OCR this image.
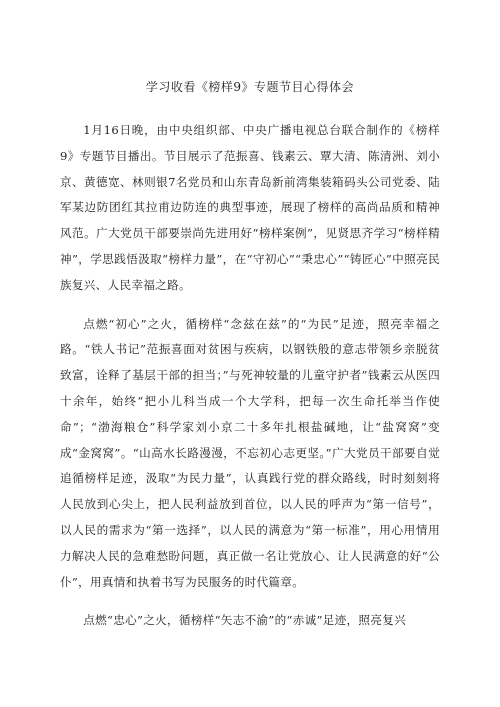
学习收看《榜样9》专题节目心得体会

1月16日晚，由中央组织部、中央广播电视总台联合制作的《榜样9》专题节目播出。节目展示了范振喜、钱素云、覃大清、陈清洲、刘小京、黄德宽、林则银7名党员和山东青岛新前湾集装箱码头公司党委、陆军某边防团红其拉甫边防连的典型事迹，展现了榜样的高尚品质和精神风范。广大党员干部要崇尚先进用好“榜样案例”，见贤思齐学习“榜样精神”，学思践悟汲取“榜样力量”，在“守初心”“秉忠心”“铸匠心”中照亮民族复兴、人民幸福之路。

点燃“初心”之火，循榜样“念兹在兹”的“为民”足迹，照亮幸福之路。“铁人书记”范振喜面对贫困与疾病，以钢铁般的意志带领乡亲脱贫致富，诠释了基层干部的担当；”与死神较量的儿童守护者”钱素云从医四十余年，始终“把小儿科当成一个大学科，把每一次生命托举当作使命”；“渤海粮仓”科学家刘小京二十多年扎根盐碱地，让“盐窝窝”变成“金窝窝”。“山高水长路漫漫，不忘初心志更坚。”广大党员干部要自觉追循榜样足迹，汲取“为民力量”，认真践行党的群众路线，时时刻刻将人民放到心尖上，把人民利益放到首位，以人民的呼声为“第一信号”，以人民的需求为“第一选择”，以人民的满意为“第一标准”，用心用情用力解决人民的急难愁盼问题，真正做一名让党放心、让人民满意的好“公仆”，用真情和执着书写为民服务的时代篇章。

点燃“忠心”之火，循榜样“矢志不渝”的“赤诚”足迹，照亮复兴
